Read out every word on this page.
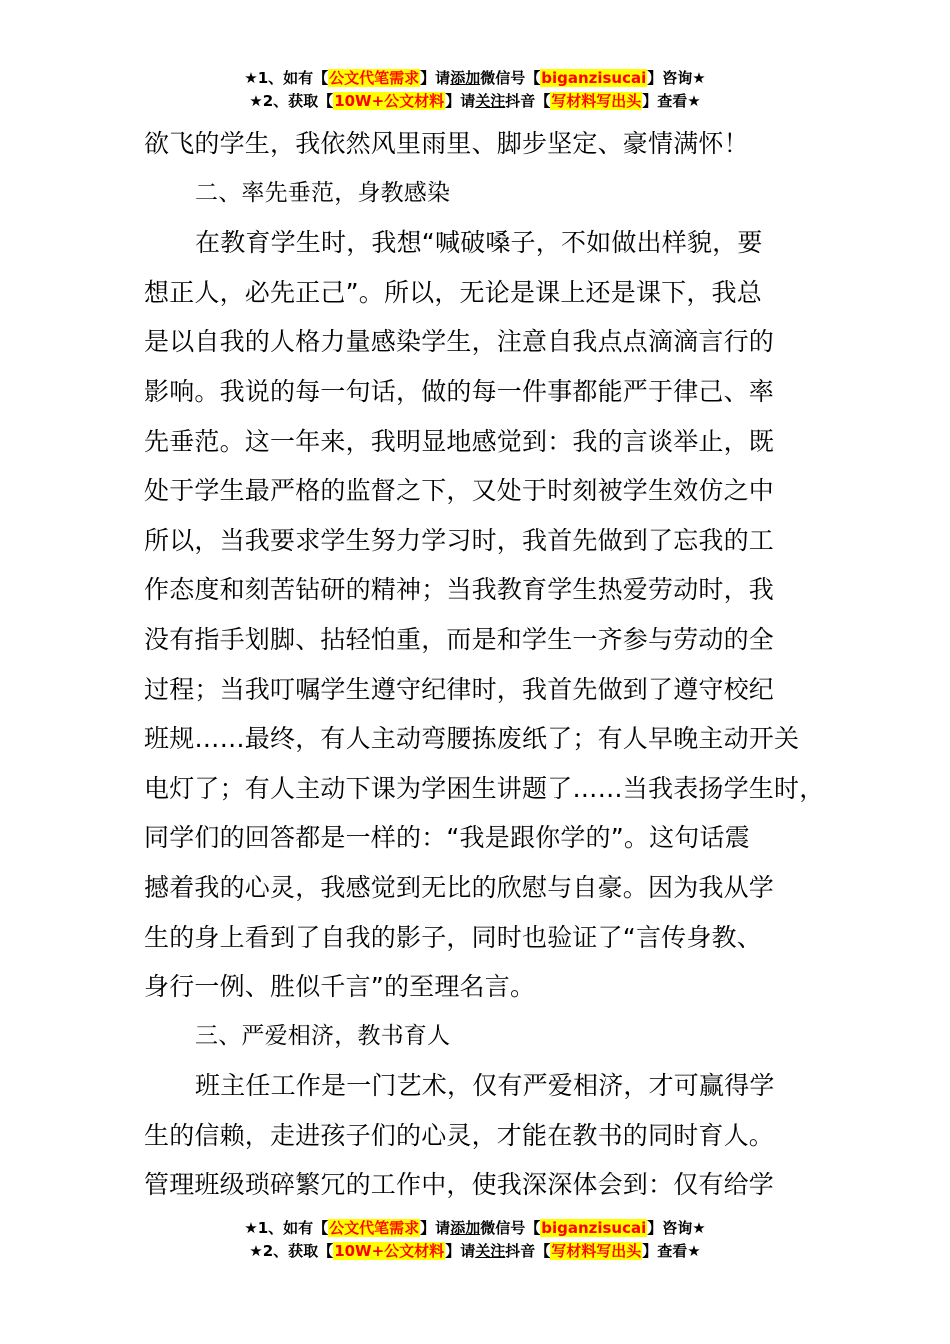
★1、如有【公文代笔需求】请添加微信号【biganzisucai】咨询★
★2、获取【10W+公文材料】请关注抖音【写材料写出头】查看★
欲飞的学生，我依然风里雨里、脚步坚定、豪情满怀！
二、率先垂范，身教感染
在教育学生时，我想“喊破嗓子，不如做出样貌，要
想正人，必先正己”。所以，无论是课上还是课下，我总
是以自我的人格力量感染学生，注意自我点点滴滴言行的
影响。我说的每一句话，做的每一件事都能严于律己、率
先垂范。这一年来，我明显地感觉到：我的言谈举止，既
处于学生最严格的监督之下，又处于时刻被学生效仿之中
所以，当我要求学生努力学习时，我首先做到了忘我的工
作态度和刻苦钻研的精神；当我教育学生热爱劳动时，我
没有指手划脚、拈轻怕重，而是和学生一齐参与劳动的全
过程；当我叮嘱学生遵守纪律时，我首先做到了遵守校纪
班规……最终，有人主动弯腰拣废纸了；有人早晚主动开关
电灯了；有人主动下课为学困生讲题了……当我表扬学生时，
同学们的回答都是一样的：“我是跟你学的”。这句话震
撼着我的心灵，我感觉到无比的欣慰与自豪。因为我从学
生的身上看到了自我的影子，同时也验证了“言传身教、
身行一例、胜似千言”的至理名言。
三、严爱相济，教书育人
班主任工作是一门艺术，仅有严爱相济，才可赢得学
生的信赖，走进孩子们的心灵，才能在教书的同时育人。
管理班级琐碎繁冗的工作中，使我深深体会到：仅有给学
★1、如有【公文代笔需求】请添加微信号【biganzisucai】咨询★
★2、获取【10W+公文材料】请关注抖音【写材料写出头】查看★
